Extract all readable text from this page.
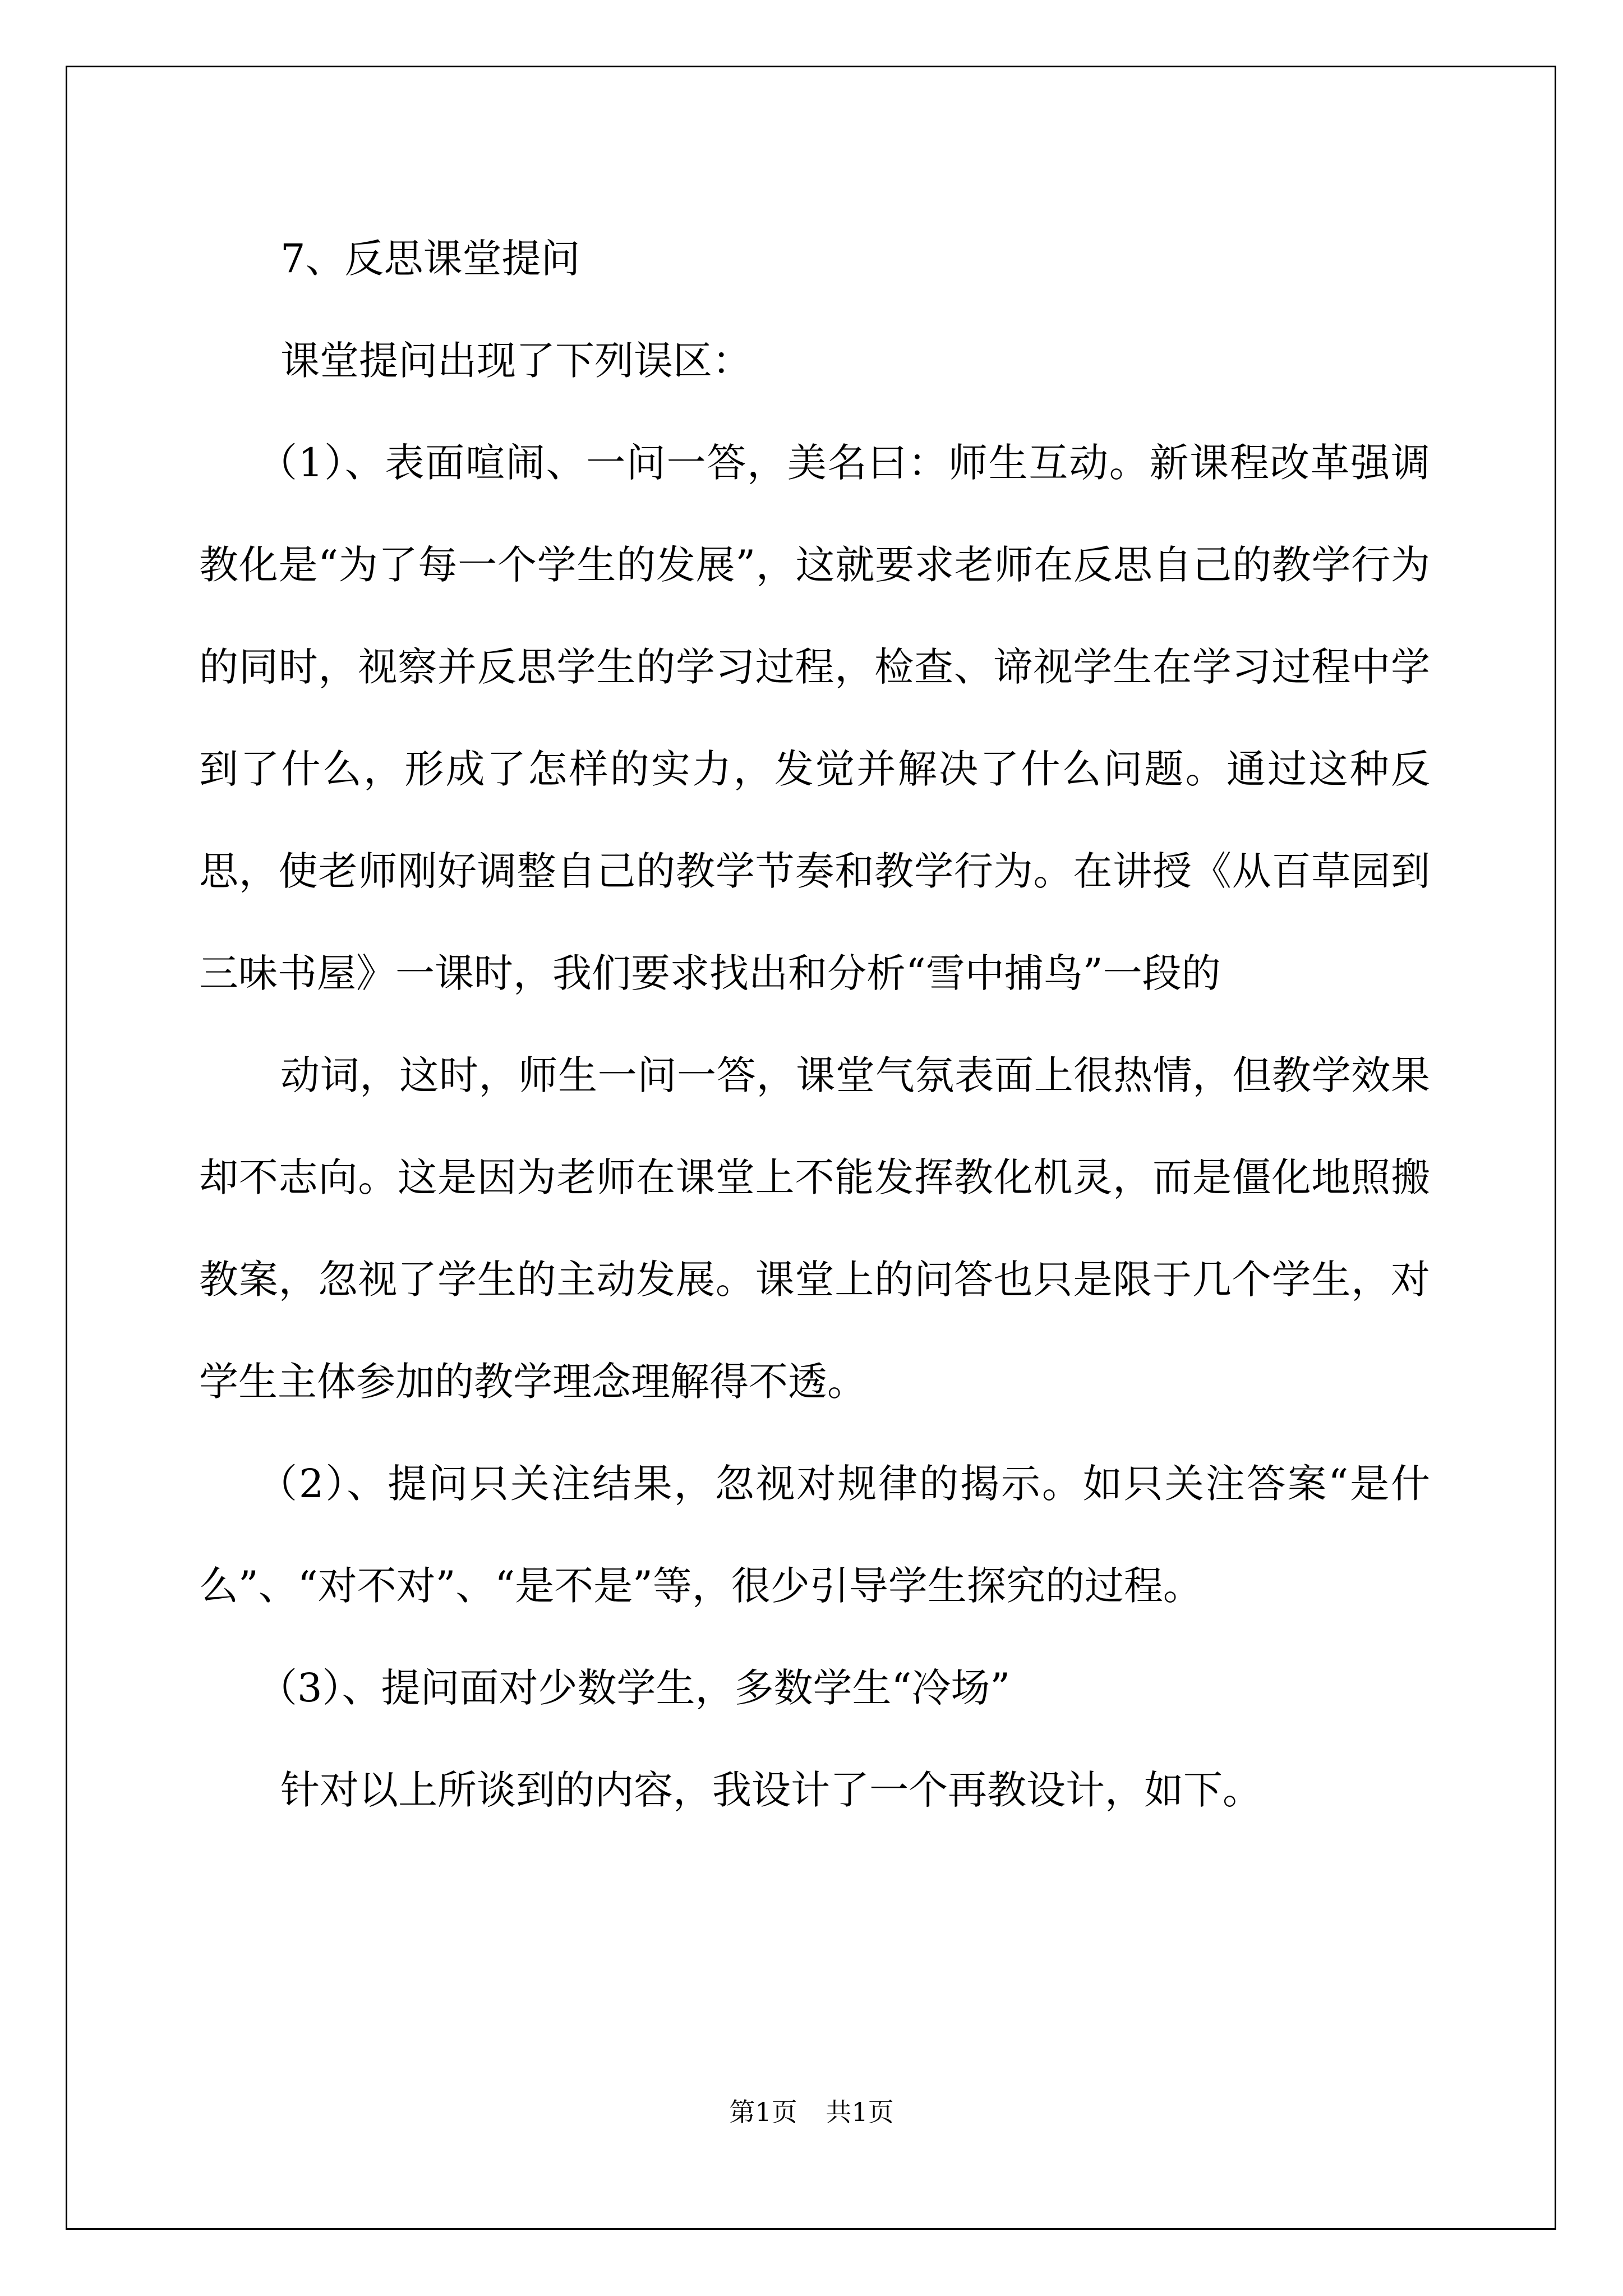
7、反思课堂提问

课堂提问出现了下列误区：

（1）、表面喧闹、一问一答，美名曰：师生互动。新课程改革强调教化是“为了每一个学生的发展”，这就要求老师在反思自己的教学行为的同时，视察并反思学生的学习过程，检查、谛视学生在学习过程中学到了什么，形成了怎样的实力，发觉并解决了什么问题。通过这种反思，使老师刚好调整自己的教学节奏和教学行为。在讲授《从百草园到三味书屋》一课时，我们要求找出和分析“雪中捕鸟”一段的

动词，这时，师生一问一答，课堂气氛表面上很热情，但教学效果却不志向。这是因为老师在课堂上不能发挥教化机灵，而是僵化地照搬教案，忽视了学生的主动发展。课堂上的问答也只是限于几个学生，对学生主体参加的教学理念理解得不透。

（2）、提问只关注结果，忽视对规律的揭示。如只关注答案“是什么”、“对不对”、“是不是”等，很少引导学生探究的过程。

（3）、提问面对少数学生，多数学生“冷场”

针对以上所谈到的内容，我设计了一个再教设计，如下。

第1页 共1页
